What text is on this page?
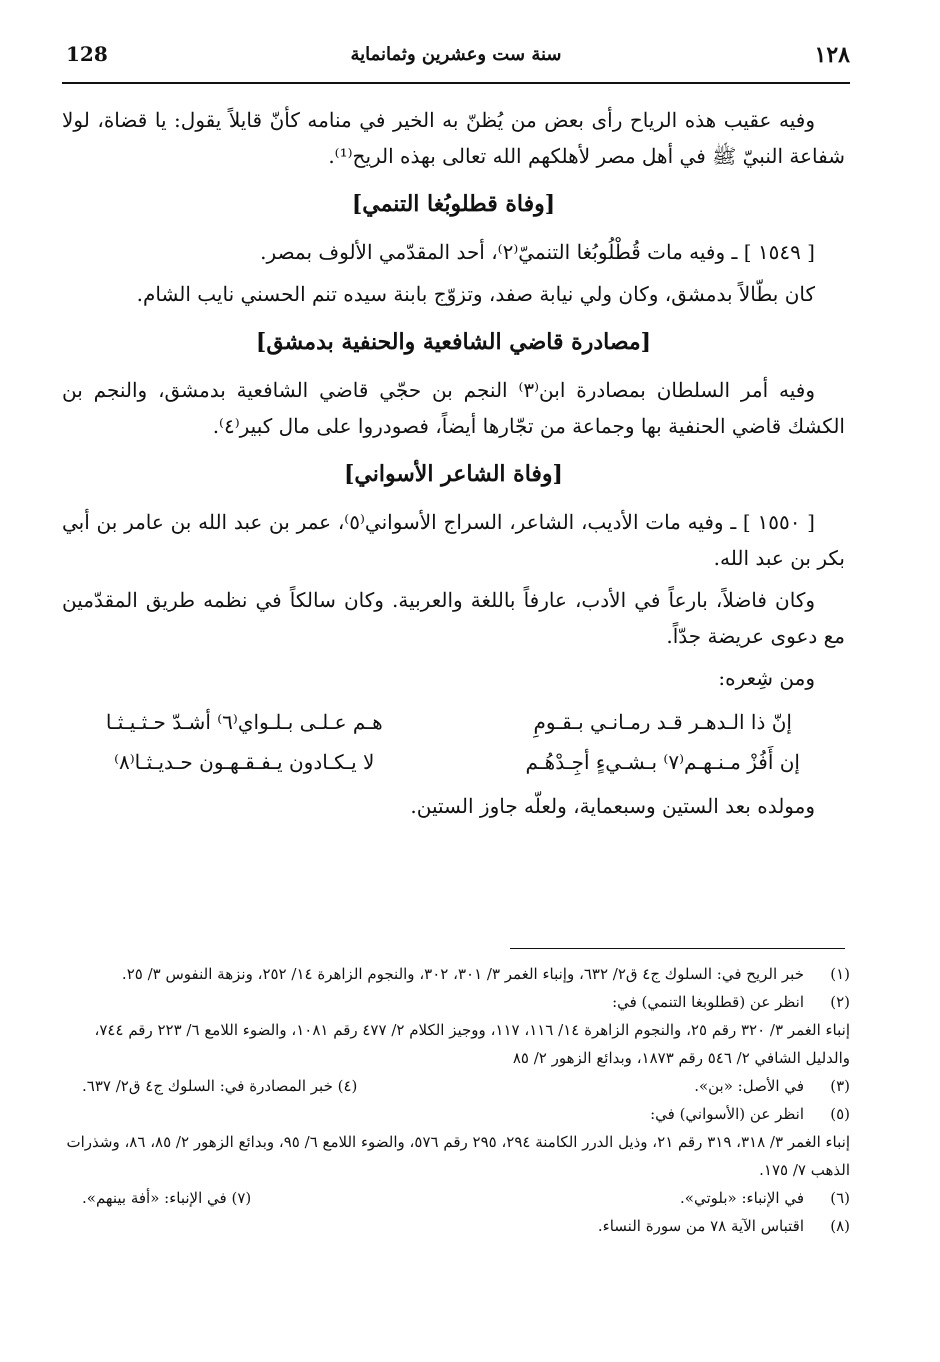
128	سنة ست وعشرين وثمانماية	١٢٨

وفيه عقيب هذه الرياح رأى بعض من يُظنّ به الخير في منامه كأنّ قايلاً يقول: يا قضاة، لولا شفاعة النبيّ ﷺ في أهل مصر لأهلكهم الله تعالى بهذه الريح⁽¹⁾.

[وفاة قطلوبُغا التنمي]

[ ١٥٤٩ ] ـ وفيه مات قُطْلُوبُغا التنميّ⁽٢⁾، أحد المقدّمي الألوف بمصر.

كان بطّالاً بدمشق، وكان ولي نيابة صفد، وتزوّج بابنة سيده تنم الحسني نايب الشام.

[مصادرة قاضي الشافعية والحنفية بدمشق]

وفيه أمر السلطان بمصادرة ابن⁽٣⁾ النجم بن حجّي قاضي الشافعية بدمشق، والنجم بن الكشك قاضي الحنفية بها وجماعة من تجّارها أيضاً، فصودروا على مال كبير⁽٤⁾.

[وفاة الشاعر الأسواني]

[ ١٥٥٠ ] ـ وفيه مات الأديب، الشاعر، السراج الأسواني⁽٥⁾، عمر بن عبد الله بن عامر بن أبي بكر بن عبد الله.

وكان فاضلاً، بارعاً في الأدب، عارفاً باللغة والعربية. وكان سالكاً في نظمه طريق المقدّمين مع دعوى عريضة جدّاً.

ومن شِعره:

إنّ ذا الـدهـر قـد رمـانـي بـقـومِ
هـم عـلـى بـلـواي⁽٦⁾ أشـدّ حـثـيـثـا
إن أَفُزْ مـنـهـم⁽٧⁾ بـشـيءٍ أجِـدْهُـم
لا يـكـادون يـفـقـهـون حـديـثـا⁽٨⁾

ومولده بعد الستين وسبعماية، ولعلّه جاوز الستين.

(١)
خبر الريح في: السلوك ج٤ ق٢/ ٦٣٢، وإنباء الغمر ٣/ ٣٠١، ٣٠٢، والنجوم الزاهرة ١٤/ ٢٥٢، ونزهة النفوس ٣/ ٢٥.
(٢)
انظر عن (قطلوبغا التنمي) في:
إنباء الغمر ٣/ ٣٢٠ رقم ٢٥، والنجوم الزاهرة ١٤/ ١١٦، ١١٧، ووجيز الكلام ٢/ ٤٧٧ رقم ١٠٨١، والضوء اللامع ٦/ ٢٢٣ رقم ٧٤٤، والدليل الشافي ٢/ ٥٤٦ رقم ١٨٧٣، وبدائع الزهور ٢/ ٨٥
(٣)
في الأصل: «بن».
(٤) خبر المصادرة في: السلوك ج٤ ق٢/ ٦٣٧.
(٥)
انظر عن (الأسواني) في:
إنباء الغمر ٣/ ٣١٨، ٣١٩ رقم ٢١، وذيل الدرر الكامنة ٢٩٤، ٢٩٥ رقم ٥٧٦، والضوء اللامع ٦/ ٩٥، وبدائع الزهور ٢/ ٨٥، ٨٦، وشذرات الذهب ٧/ ١٧٥.
(٦)
في الإنباء: «بلوتي».
(٧) في الإنباء: «أفة بينهم».
(٨)
اقتباس الآية ٧٨ من سورة النساء.
